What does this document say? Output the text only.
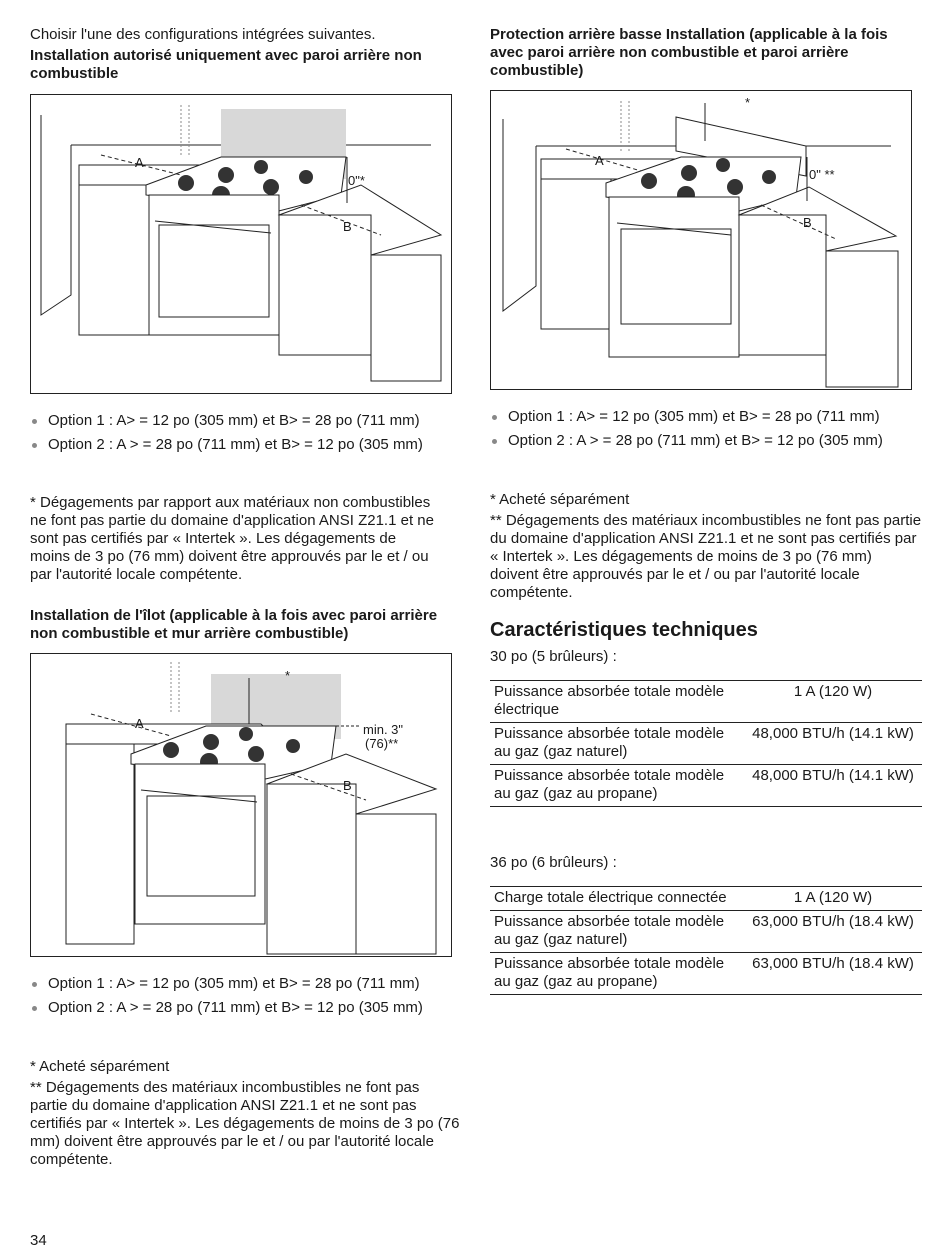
Choisir l'une des configurations intégrées suivantes.

Installation autorisé uniquement avec paroi arrière non combustible

A
B
0"*
Option 1 : A> = 12 po (305 mm) et B> = 28 po (711 mm)
Option 2 : A > = 28 po (711 mm) et B> = 12 po (305 mm)

* Dégagements par rapport aux matériaux non combustibles ne font pas partie du domaine d'application ANSI Z21.1 et ne sont pas certifiés par « Intertek ». Les dégagements de moins de 3 po (76 mm) doivent être approuvés par le et / ou par l'autorité locale compétente.

Installation de l'îlot (applicable à la fois avec paroi arrière non combustible et mur arrière combustible)

A
B
*
min. 3"
(76)**
Option 1 : A> = 12 po (305 mm) et B> = 28 po (711 mm)
Option 2 : A > = 28 po (711 mm) et B> = 12 po (305 mm)

* Acheté séparément

** Dégagements des matériaux incombustibles ne font pas partie du domaine d'application ANSI Z21.1 et ne sont pas certifiés par « Intertek ». Les dégagements de moins de 3 po (76 mm) doivent être approuvés par le et / ou par l'autorité locale compétente.

Protection arrière basse Installation (applicable à la fois avec paroi arrière non combustible et paroi arrière combustible)

A
B
*
0" **
Option 1 : A> = 12 po (305 mm) et B> = 28 po (711 mm)
Option 2 : A > = 28 po (711 mm) et B> = 12 po (305 mm)

* Acheté séparément

** Dégagements des matériaux incombustibles ne font pas partie du domaine d'application ANSI Z21.1 et ne sont pas certifiés par « Intertek ». Les dégagements de moins de 3 po (76 mm) doivent être approuvés par le et / ou par l'autorité locale compétente.

Caractéristiques techniques

30 po (5 brûleurs) :

Puissance absorbée totale modèle électrique	1 A (120 W)
Puissance absorbée totale modèle au gaz (gaz naturel)	48,000 BTU/h (14.1 kW)
Puissance absorbée totale modèle au gaz (gaz au propane)	48,000 BTU/h (14.1 kW)

36 po (6 brûleurs) :

Charge totale électrique connectée	1 A (120 W)
Puissance absorbée totale modèle au gaz (gaz naturel)	63,000 BTU/h (18.4 kW)
Puissance absorbée totale modèle au gaz (gaz au propane)	63,000 BTU/h (18.4 kW)
34
